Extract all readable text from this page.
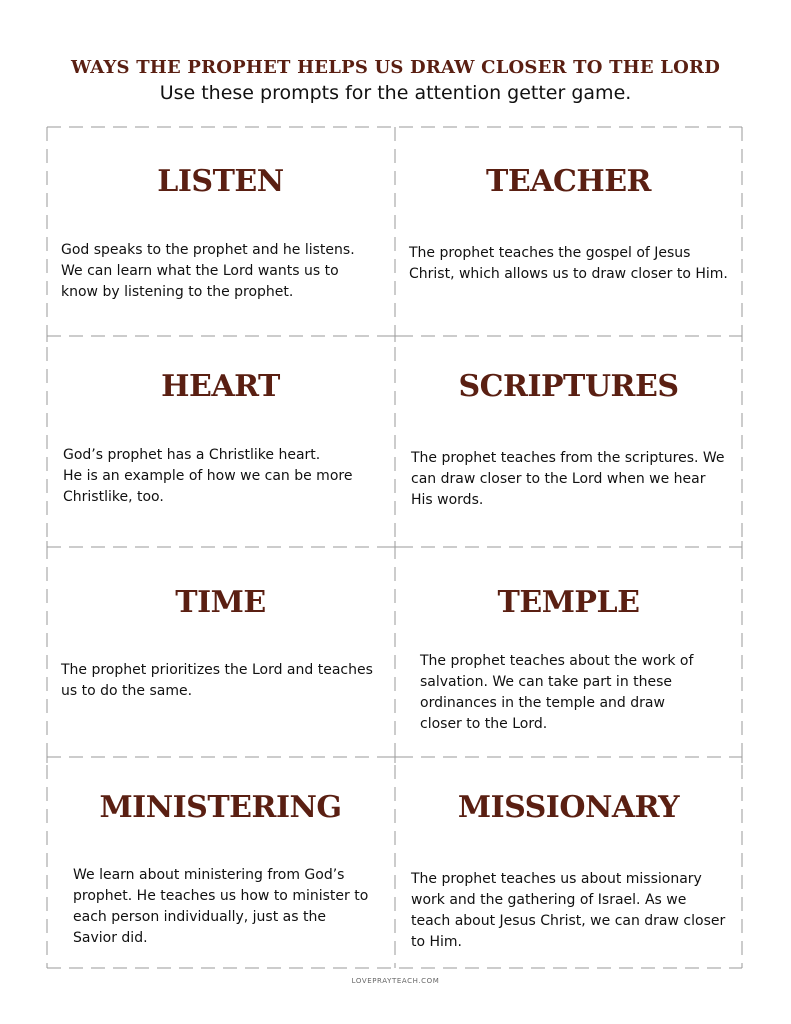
WAYS THE PROPHET HELPS US DRAW CLOSER TO THE LORD
Use these prompts for the attention getter game.
LISTEN
God speaks to the prophet and he listens.
We can learn what the Lord wants us to
know by listening to the prophet.
TEACHER
The prophet teaches the gospel of Jesus
Christ, which allows us to draw closer to Him.
HEART
God’s prophet has a Christlike heart.
He is an example of how we can be more
Christlike, too.
SCRIPTURES
The prophet teaches from the scriptures. We
can draw closer to the Lord when we hear
His words.
TIME
The prophet prioritizes the Lord and teaches
us to do the same.
TEMPLE
The prophet teaches about the work of
salvation. We can take part in these
ordinances in the temple and draw
closer to the Lord.
MINISTERING
We learn about ministering from God’s
prophet. He teaches us how to minister to
each person individually, just as the
Savior did.
MISSIONARY
The prophet teaches us about missionary
work and the gathering of Israel. As we
teach about Jesus Christ, we can draw closer
to Him.
LOVEPRAYTEACH.COM
